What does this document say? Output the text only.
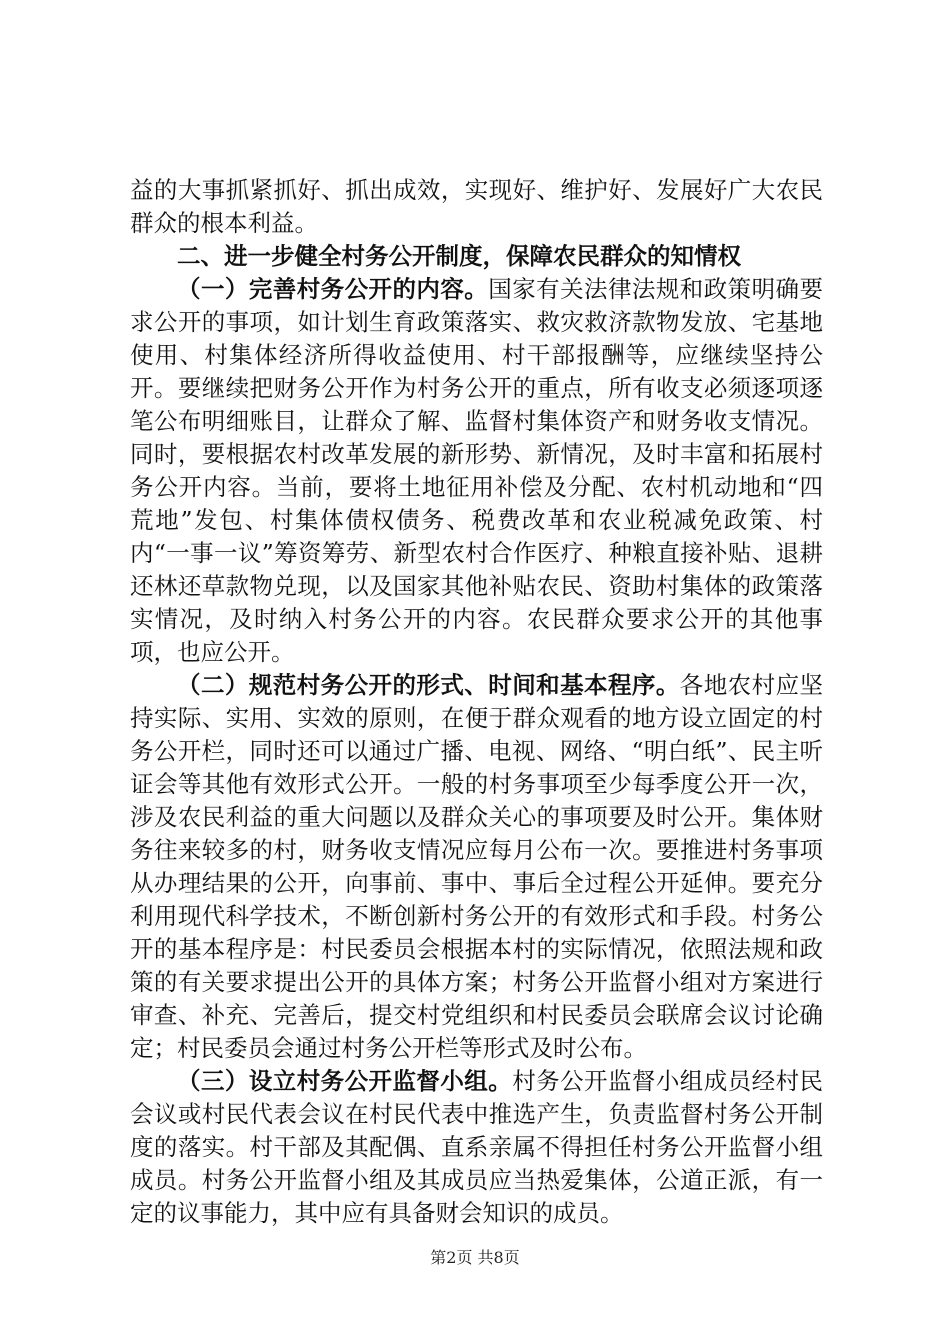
益的大事抓紧抓好、抓出成效，实现好、维护好、发展好广大农民群众的根本利益。

二、进一步健全村务公开制度，保障农民群众的知情权

（一）完善村务公开的内容。国家有关法律法规和政策明确要求公开的事项，如计划生育政策落实、救灾救济款物发放、宅基地使用、村集体经济所得收益使用、村干部报酬等，应继续坚持公开。要继续把财务公开作为村务公开的重点，所有收支必须逐项逐笔公布明细账目，让群众了解、监督村集体资产和财务收支情况。同时，要根据农村改革发展的新形势、新情况，及时丰富和拓展村务公开内容。当前，要将土地征用补偿及分配、农村机动地和“四荒地”发包、村集体债权债务、税费改革和农业税减免政策、村内“一事一议”筹资筹劳、新型农村合作医疗、种粮直接补贴、退耕还林还草款物兑现，以及国家其他补贴农民、资助村集体的政策落实情况，及时纳入村务公开的内容。农民群众要求公开的其他事项，也应公开。

（二）规范村务公开的形式、时间和基本程序。各地农村应坚持实际、实用、实效的原则，在便于群众观看的地方设立固定的村务公开栏，同时还可以通过广播、电视、网络、“明白纸”、民主听证会等其他有效形式公开。一般的村务事项至少每季度公开一次，涉及农民利益的重大问题以及群众关心的事项要及时公开。集体财务往来较多的村，财务收支情况应每月公布一次。要推进村务事项从办理结果的公开，向事前、事中、事后全过程公开延伸。要充分利用现代科学技术，不断创新村务公开的有效形式和手段。村务公开的基本程序是：村民委员会根据本村的实际情况，依照法规和政策的有关要求提出公开的具体方案；村务公开监督小组对方案进行审查、补充、完善后，提交村党组织和村民委员会联席会议讨论确定；村民委员会通过村务公开栏等形式及时公布。

（三）设立村务公开监督小组。村务公开监督小组成员经村民会议或村民代表会议在村民代表中推选产生，负责监督村务公开制度的落实。村干部及其配偶、直系亲属不得担任村务公开监督小组成员。村务公开监督小组及其成员应当热爱集体，公道正派，有一定的议事能力，其中应有具备财会知识的成员。

第2页 共8页
